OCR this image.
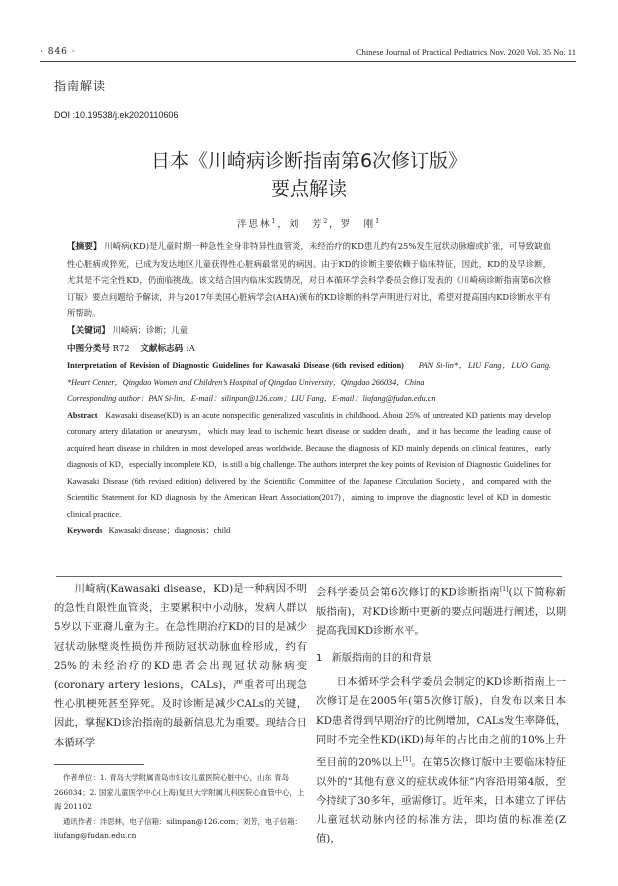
· 846 ·	Chinese Journal of Practical Pediatrics Nov. 2020 Vol. 35 No. 11
指南解读
DOI :10.19538/j.ek2020110606
日本《川崎病诊断指南第6次修订版》
要点解读
泮思林$^1$，刘　芳$^2$，罗　刚$^1$
【摘要】 川崎病(KD)是儿童时期一种急性全身非特异性血管炎，未经治疗的KD患儿约有25%发生冠状动脉瘤或扩张，可导致缺血性心脏病或猝死，已成为发达地区儿童获得性心脏病最常见的病因。由于KD的诊断主要依赖于临床特征，因此，KD的及早诊断，尤其是不完全性KD，仍面临挑战。该文结合国内临床实践情况，对日本循环学会科学委员会修订发表的《川崎病诊断指南第6次修订版》要点问题给予解读，并与2017年美国心脏病学会(AHA)颁布的KD诊断的科学声明进行对比，希望对提高国内KD诊断水平有所帮助。
【关键词】 川崎病；诊断；儿童
中图分类号 R72 文献标志码 :A

Interpretation of Revision of Diagnostic Guidelines for Kawasaki Disease (6th revised edition) PAN Si-lin*，LIU Fang，LUO Gang. *Heart Center，Qingdao Women and Children’s Hospital of Qingdao University，Qingdao 266034，China
Corresponding author：PAN Si-lin，E-mail：silinpan@126.com；LIU Fang，E-mail：liufang@fudan.edu.cn

Abstract Kawasaki disease(KD) is an acute nonspecific generalized vasculitis in childhood. About 25% of untreated KD patients may develop coronary artery dilatation or aneurysm，which may lead to ischemic heart disease or sudden death，and it has become the leading cause of acquired heart disease in children in most developed areas worldwide. Because the diagnosis of KD mainly depends on clinical features，early diagnosis of KD，especially incomplete KD，is still a big challenge. The authors interpret the key points of Revision of Diagnostic Guidelines for Kawasaki Disease (6th revised edition) delivered by the Scientific Committee of the Japanese Circulation Society，and compared with the Scientific Statement for KD diagnosis by the American Heart Association(2017)，aiming to improve the diagnostic level of KD in domestic clinical practice.

Keywords Kawasaki disease；diagnosis；child

川崎病(Kawasaki disease，KD)是一种病因不明的急性自限性血管炎，主要累积中小动脉，发病人群以5岁以下亚裔儿童为主。在急性期治疗KD的目的是减少冠状动脉壁炎性损伤并预防冠状动脉血栓形成，约有25%的未经治疗的KD患者会出现冠状动脉病变(coronary artery lesions，CALs)，严重者可出现急性心肌梗死甚至猝死。及时诊断是减少CALs的关键，因此，掌握KD诊治指南的最新信息尤为重要。现结合日本循环学

会科学委员会第6次修订的KD诊断指南[1](以下简称新版指南)，对KD诊断中更新的要点问题进行阐述，以期提高我国KD诊断水平。

1 新版指南的目的和背景

日本循环学会科学委员会制定的KD诊断指南上一次修订是在2005年(第5次修订版)，自发布以来日本KD患者得到早期治疗的比例增加，CALs发生率降低，同时不完全性KD(iKD)每年的占比由之前的10%上升至目前的20%以上[1]。在第5次修订版中主要临床特征以外的“其他有意义的症状或体征”内容沿用第4版，至今持续了30多年，亟需修订。近年来，日本建立了评估儿童冠状动脉内径的标准方法，即均值的标准差(Z值)，

作者单位：1. 青岛大学附属青岛市妇女儿童医院心脏中心，山东 青岛 266034；2. 国家儿童医学中心(上海)复旦大学附属儿科医院心血管中心，上海 201102

通讯作者：泮思林，电子信箱：silinpan@126.com；刘芳，电子信箱：liufang@fudan.edu.cn
